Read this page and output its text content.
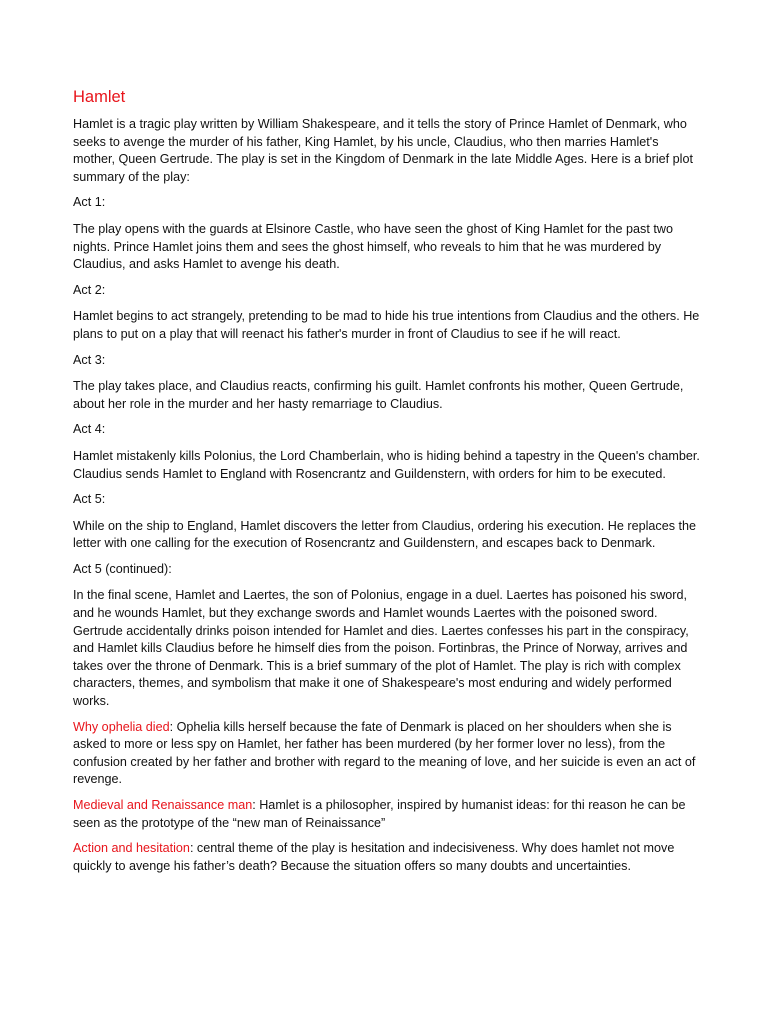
Hamlet

Hamlet is a tragic play written by William Shakespeare, and it tells the story of Prince Hamlet of Denmark, who seeks to avenge the murder of his father, King Hamlet, by his uncle, Claudius, who then marries Hamlet's mother, Queen Gertrude. The play is set in the Kingdom of Denmark in the late Middle Ages. Here is a brief plot summary of the play:

Act 1:

The play opens with the guards at Elsinore Castle, who have seen the ghost of King Hamlet for the past two nights. Prince Hamlet joins them and sees the ghost himself, who reveals to him that he was murdered by Claudius, and asks Hamlet to avenge his death.

Act 2:

Hamlet begins to act strangely, pretending to be mad to hide his true intentions from Claudius and the others. He plans to put on a play that will reenact his father's murder in front of Claudius to see if he will react.

Act 3:

The play takes place, and Claudius reacts, confirming his guilt. Hamlet confronts his mother, Queen Gertrude, about her role in the murder and her hasty remarriage to Claudius.

Act 4:

Hamlet mistakenly kills Polonius, the Lord Chamberlain, who is hiding behind a tapestry in the Queen's chamber. Claudius sends Hamlet to England with Rosencrantz and Guildenstern, with orders for him to be executed.

Act 5:

While on the ship to England, Hamlet discovers the letter from Claudius, ordering his execution. He replaces the letter with one calling for the execution of Rosencrantz and Guildenstern, and escapes back to Denmark.

Act 5 (continued):

In the final scene, Hamlet and Laertes, the son of Polonius, engage in a duel. Laertes has poisoned his sword, and he wounds Hamlet, but they exchange swords and Hamlet wounds Laertes with the poisoned sword. Gertrude accidentally drinks poison intended for Hamlet and dies. Laertes confesses his part in the conspiracy, and Hamlet kills Claudius before he himself dies from the poison. Fortinbras, the Prince of Norway, arrives and takes over the throne of Denmark. This is a brief summary of the plot of Hamlet. The play is rich with complex characters, themes, and symbolism that make it one of Shakespeare's most enduring and widely performed works.

Why ophelia died: Ophelia kills herself because the fate of Denmark is placed on her shoulders when she is asked to more or less spy on Hamlet, her father has been murdered (by her former lover no less), from the confusion created by her father and brother with regard to the meaning of love, and her suicide is even an act of revenge.

Medieval and Renaissance man: Hamlet is a philosopher, inspired by humanist ideas: for thi reason he can be seen as the prototype of the “new man of Reinaissance”

Action and hesitation: central theme of the play is hesitation and indecisiveness. Why does hamlet not move quickly to avenge his father’s death? Because the situation offers so many doubts and uncertainties.
